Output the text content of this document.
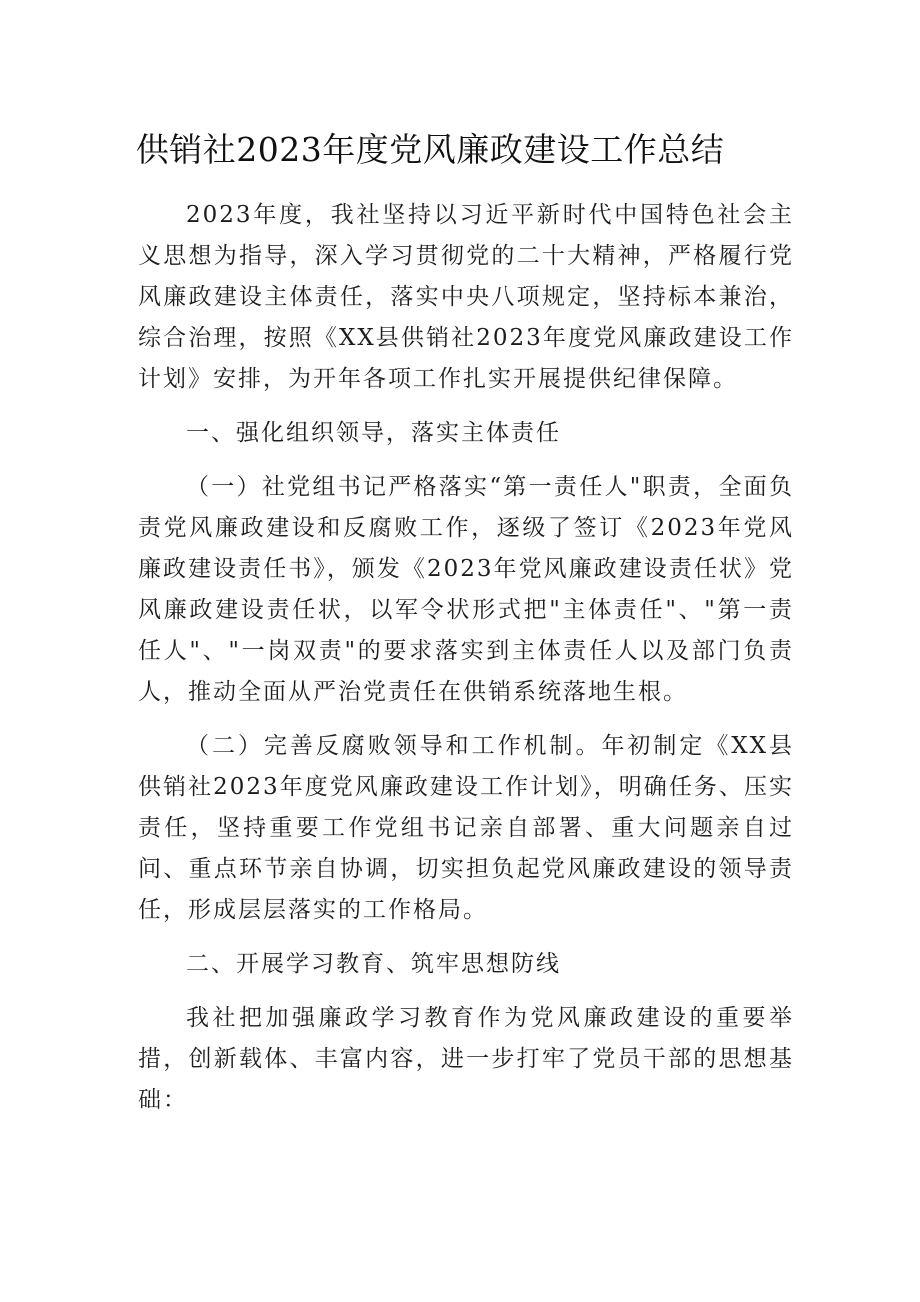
供销社2023年度党风廉政建设工作总结

2023年度，我社坚持以习近平新时代中国特色社会主义思想为指导，深入学习贯彻党的二十大精神，严格履行党风廉政建设主体责任，落实中央八项规定，坚持标本兼治，综合治理，按照《XX县供销社2023年度党风廉政建设工作计划》安排，为开年各项工作扎实开展提供纪律保障。

一、强化组织领导，落实主体责任

（一）社党组书记严格落实“第一责任人"职责，全面负责党风廉政建设和反腐败工作，逐级了签订《2023年党风廉政建设责任书》，颁发《2023年党风廉政建设责任状》党风廉政建设责任状，以军令状形式把"主体责任"、"第一责任人"、"一岗双责"的要求落实到主体责任人以及部门负责人，推动全面从严治党责任在供销系统落地生根。

（二）完善反腐败领导和工作机制。年初制定《XX县供销社2023年度党风廉政建设工作计划》，明确任务、压实责任，坚持重要工作党组书记亲自部署、重大问题亲自过问、重点环节亲自协调，切实担负起党风廉政建设的领导责任，形成层层落实的工作格局。

二、开展学习教育、筑牢思想防线

我社把加强廉政学习教育作为党风廉政建设的重要举措，创新载体、丰富内容，进一步打牢了党员干部的思想基础：
